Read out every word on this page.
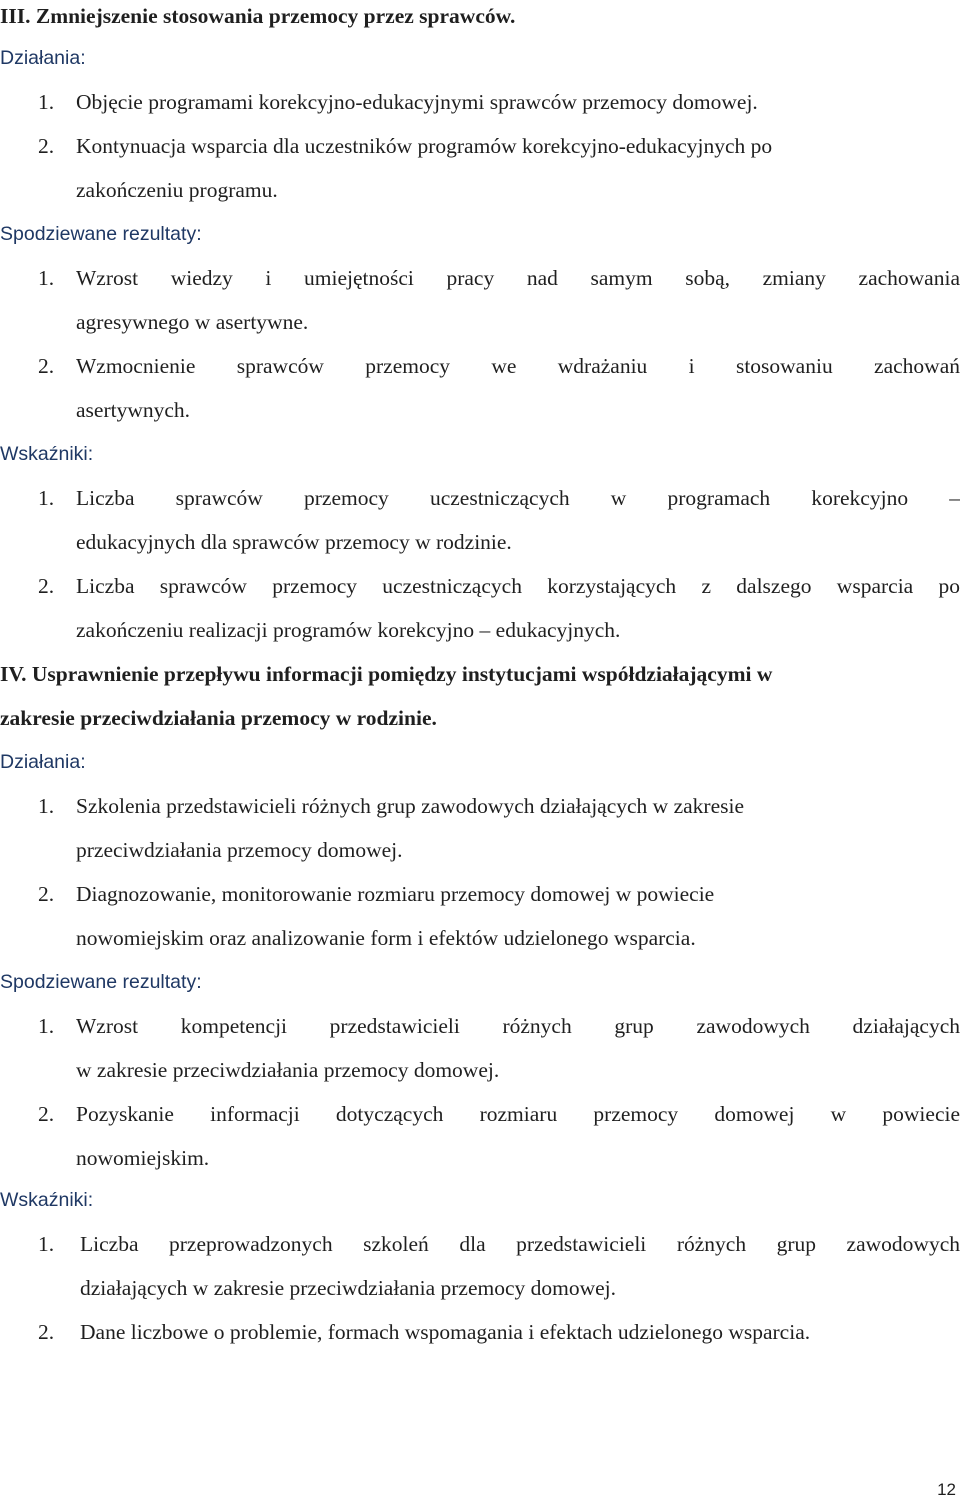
III. Zmniejszenie stosowania przemocy przez sprawców.
Działania:
1. Objęcie programami korekcyjno-edukacyjnymi sprawców przemocy domowej.
2. Kontynuacja wsparcia dla uczestników programów korekcyjno-edukacyjnych po
zakończeniu programu.
Spodziewane rezultaty:
1. Wzrost wiedzy i umiejętności pracy nad samym sobą, zmiany zachowania
agresywnego w asertywne.
2. Wzmocnienie sprawców przemocy we wdrażaniu i stosowaniu zachowań
asertywnych.
Wskaźniki:
1. Liczba sprawców przemocy uczestniczących w programach korekcyjno –
edukacyjnych dla sprawców przemocy w rodzinie.
2. Liczba sprawców przemocy uczestniczących korzystających z dalszego wsparcia po
zakończeniu realizacji programów korekcyjno – edukacyjnych.
IV. Usprawnienie przepływu informacji pomiędzy instytucjami współdziałającymi w
zakresie przeciwdziałania przemocy w rodzinie.
Działania:
1. Szkolenia przedstawicieli różnych grup zawodowych działających w zakresie
przeciwdziałania przemocy domowej.
2. Diagnozowanie, monitorowanie rozmiaru przemocy domowej w powiecie
nowomiejskim oraz analizowanie form i efektów udzielonego wsparcia.
Spodziewane rezultaty:
1. Wzrost kompetencji przedstawicieli różnych grup zawodowych działających
w zakresie przeciwdziałania przemocy domowej.
2. Pozyskanie informacji dotyczących rozmiaru przemocy domowej w powiecie
nowomiejskim.
Wskaźniki:
1. Liczba przeprowadzonych szkoleń dla przedstawicieli różnych grup zawodowych
działających w zakresie przeciwdziałania przemocy domowej.
2. Dane liczbowe o problemie, formach wspomagania i efektach udzielonego wsparcia.
12
